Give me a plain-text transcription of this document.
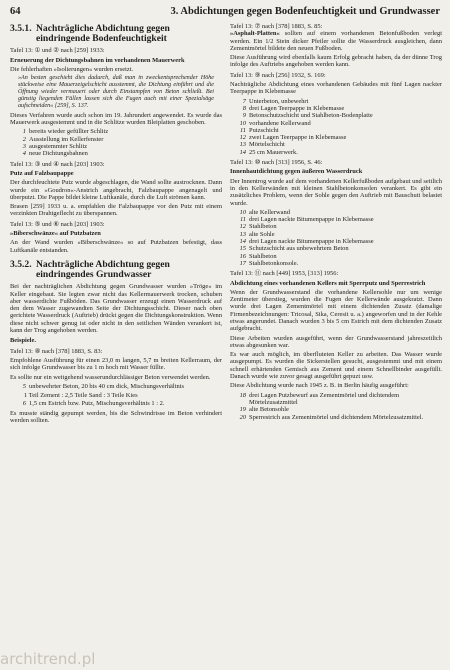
64	3. Abdichtungen gegen Bodenfeuchtigkeit und Grundwasser
3.5.1. Nachträgliche Abdichtung gegen eindringende Bodenfeuchtigkeit

Tafel 13: ① und ② nach [259] 1933:

Erneuerung der Dichtungsbahnen im vorhandenen Mauerwerk

Die fehlerhaften »Isolierungen« wurden ersetzt.

»An besten geschieht dies dadurch, daß man in zweckentsprechender Höhe stückweise eine Mauerzeigelschicht ausstemmt, die Dichtung einführt und die Öffnung wieder vermauert oder durch Einstampfen von Beton schließt. Bei günstig liegenden Fällen lassen sich die Fugen auch mit einer Spezialsäge aufschneiden« [259], S. 137.

Dieses Verfahren wurde auch schon im 19. Jahrundert angewendet. Es wurde das Mauerwerk ausgestemmt und in die Schlitze wurden Bleiplatten geschoben.

1 bereits wieder gefüllter Schlitz
2 Ausstellung im Kellerfenster
3 ausgestemmter Schlitz
4 neue Dichtungsbahnen

Tafel 13: ③ und ④ nach [203] 1903:

Putz auf Falzbaupappe

Der durchfeuchtete Putz wurde abgeschlagen, die Wand sollte austrocknen. Dann wurde ein »Goudron«-Anstrich angebracht, Falzbaupappe angenagelt und überputzt. Die Pappe bildet kleine Luftkanäle, durch die Luft strömen kann.

Brasen [259] 1933 u. a. empfahlen die Falzbaupappe vor den Putz mit einem verzinkten Drahtgeflecht zu überspannen.

Tafel 13: ⑤ und ⑥ nach [203] 1903:

»Biberschwänze« auf Putzbatzen

An der Wand wurden »Biberschwänze« so auf Putzbatzen befestigt, dass Luftkanäle entstanden.

3.5.2. Nachträgliche Abdichtung gegen eindringendes Grundwasser

Bei der nachträglichen Abdichtung gegen Grundwasser wurden »Tröge« im Keller eingebaut. Sie legten zwar nicht das Kellermauerwerk trocken, schuben aber wasserdichte Fußböden. Das Grundwasser erzeugt einen Wasserdruck auf den dem Wasser zugewandten Seite der Dichtungsschicht. Dieser nach oben gerichtete Wasserdruck (Auftrieb) drückt gegen die Dichtungskonstruktion. Wenn diese nicht schwer genug ist oder nicht in den seitlichen Wänden verankert ist, kann der Trog angehoben werden.

Beispiele.

Tafel 13: ⑧ nach [378] 1883, S. 83:

Empfohlene Ausführung für einen 23,0 m langen, 5,7 m breiten Kellerraum, der sich infolge Grundwasser bis zu 1 m hoch mit Wasser füllte.

Es sollte nur ein weitgehend wasserundurchlässiger Beton verwendet werden.

5 unbewehrter Beton, 20 bis 40 cm dick, Mischungsverhältnis

1 Teil Zement : 2,5 Teile Sand : 3 Teile Kies

6 1,5 cm Estrich bzw. Putz, Mischungsverhältnis 1 : 2.

Es musste ständig gepumpt werden, bis die Schwindrisse im Beton verhindert werden sollten.

Tafel 13: ⑦ nach [378] 1883, S. 85:
»Asphalt-Platten« sollten auf einem vorhandenen Betonfußboden verlegt werden. Ein 1/2 Stein dicker Pfeiler sollte die Wasserdruck ausgleichen, dann Zementmörtel bildete den neuen Fußboden.

Diese Ausführung wird ebenfalls kaum Erfolg gebracht haben, da der dünne Trog infolge des Auftriebs angehoben werden kann.

Tafel 13: ⑨ nach [256] 1932, S. 169:

Nachträgliche Abdichtung eines vorhandenen Gebäudes mit fünf Lagen nackter Teerpappe in Klebemasse

7 Unterbeton, unbewehrt
8 drei Lagen Teerpappe in Klebemasse
9 Betonschutzschicht und Stahlbeton-Bodenplatte
10 vorhandene Kellerwand
11 Putzschicht
12 zwei Lagen Teerpappe in Klebemasse
13 Mörtelschicht
14 25 cm Mauerwerk.

Tafel 13: ⑩ nach [313] 1956, S. 46:

Innenhautdichtung gegen äußeren Wasserdruck

Der Innentrog wurde auf dem vorhandenen Kellerfußboden aufgebaut und seitlich in den Kellerwänden mit kleinen Stahlbetonkonsolen verankert. Es gibt ein zusätzliches Problem, wenn der Sohle gegen den Auftrieb mit Bauschutt belastet wurde.

10 alte Kellerwand
11 drei Lagen nackte Bitumenpappe in Klebemasse
12 Stahlbeton
13 alte Sohle
14 drei Lagen nackte Bitumenpappe in Klebemasse
15 Schutzschicht aus unbewehrtem Beton
16 Stahlbeton
17 Stahlbetonkonsole.

Tafel 13: ⑪ nach [449] 1953, [313] 1956:

Abdichtung eines vorhandenen Kellers mit Sperrputz und Sperrestrich

Wenn der Grundwasserstand die vorhandene Kellersohle nur um wenige Zentimeter überstieg, wurden die Fugen der Kellerwände ausgekratzt. Dann wurde drei Lagen Zementmörtel mit einem dichtenden Zusatz (damalige Firmenbezeichnungen: Tricosal, Sika, Ceresit u. a.) angeworfen und in der Kehle etwas angerundet. Danach wurden 3 bis 5 cm Estrich mit dem dichtenden Zusatz aufgebracht.

Diese Arbeiten wurden ausgeführt, wenn der Grundwasserstand jahreszeitlich etwas abgesunken war.

Es war auch möglich, im überfluteten Keller zu arbeiten. Das Wasser wurde ausgepumpt. Es wurden die Sickerstellen gesucht, ausgestemmt und mit einem schnell erhärtenden Gemisch aus Zement und einem Schnellbinder ausgefüllt. Danach wurde wie zuvor gesagt ausgeführt gepuzt usw.

Diese Abdichtung wurde nach 1945 z. B. in Berlin häufig ausgeführt:

18 drei Lagen Putzbewurf aus Zementmörtel und dichtendem Mörtelzusatzmittel
19 alte Betonsohle
20 Sperrestrich aus Zementmörtel und dichtendem Mörtelzusatzmittel.
architrend.pl
